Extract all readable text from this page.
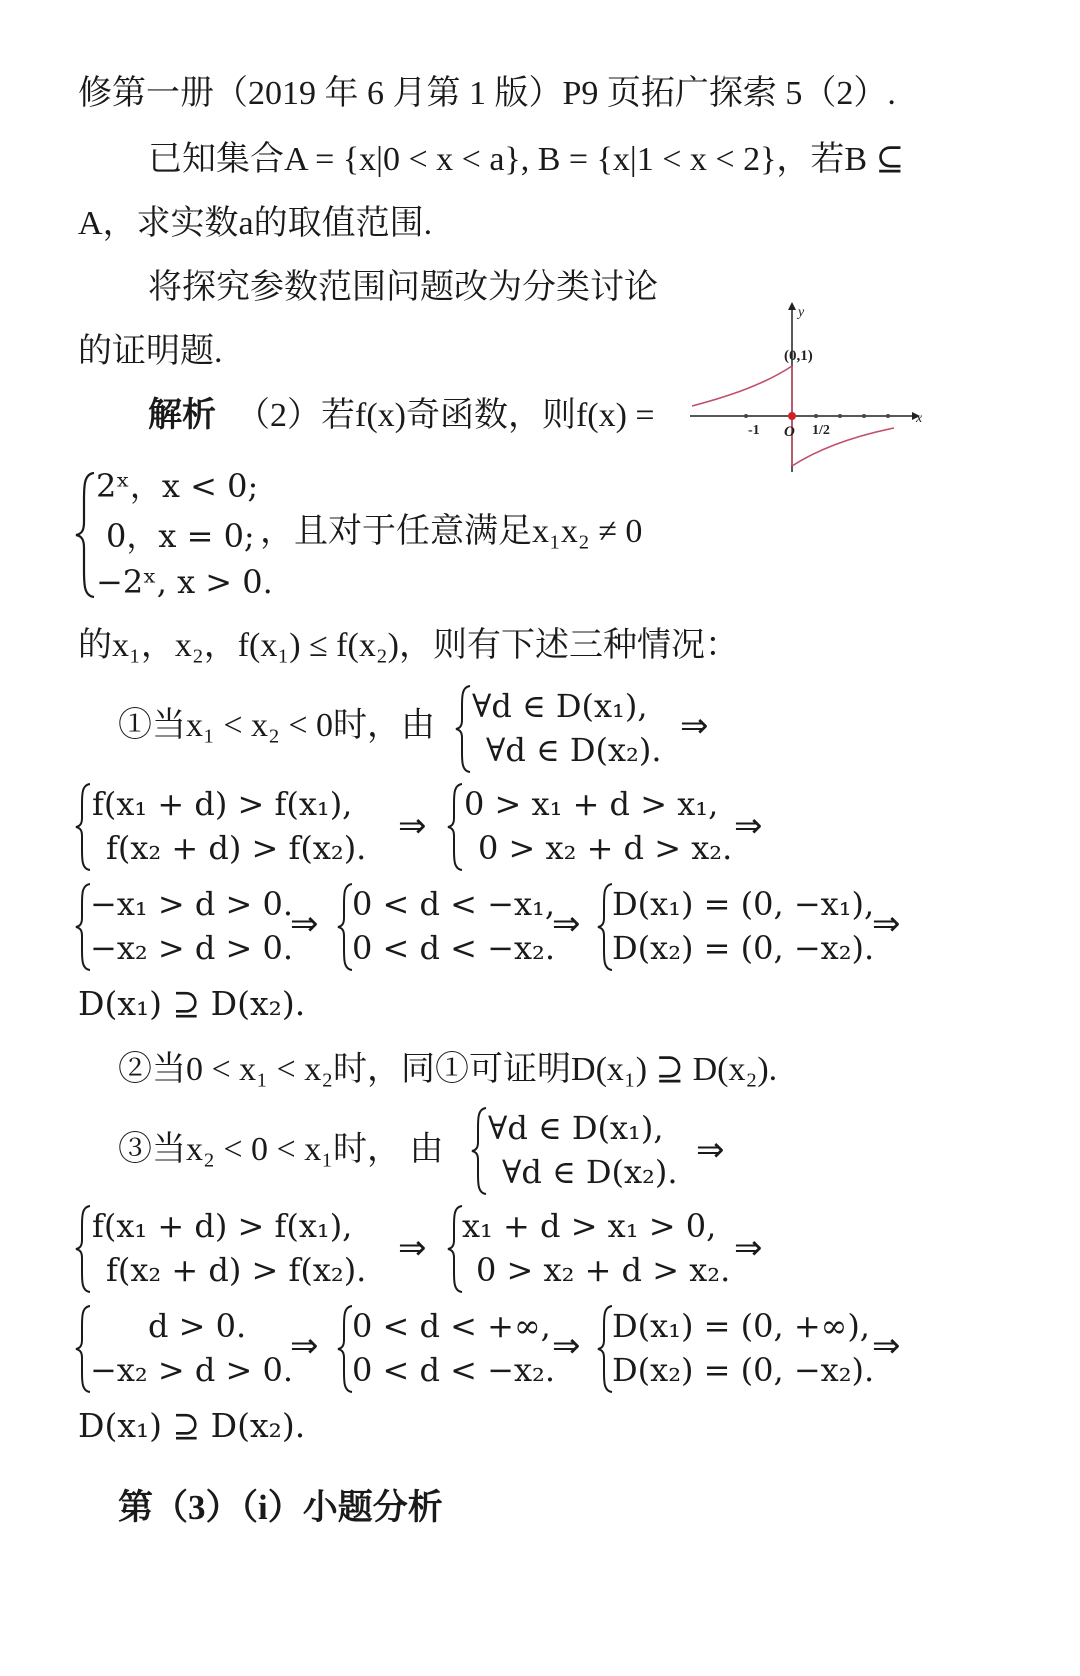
修第一册（2019 年 6 月第 1 版）P9 页拓广探索 5（2）.
已知集合A = {x|0 < x < a}, B = {x|1 < x < 2}，若B ⊆
A，求实数a的取值范围.
将探究参数范围问题改为分类讨论
的证明题.
y
x
(0,1)
-1 O 1/2
解析 （2）若f(x)奇函数，则f(x) =
2ˣ，x < 0;
0，x = 0;
−2ˣ, x > 0.
，且对于任意满足x₁x₂ ≠ 0
的x₁，x₂，f(x₁) ≤ f(x₂)，则有下述三种情况：
①当x₁ < x₂ < 0时，由
∀d ∈ D(x₁),
∀d ∈ D(x₂).
⇒
f(x₁ + d) > f(x₁),
f(x₂ + d) > f(x₂).
⇒
0 > x₁ + d > x₁,
0 > x₂ + d > x₂.
⇒
−x₁ > d > 0.
−x₂ > d > 0.
⇒ 0 < d < −x₁,
0 < d < −x₂.
⇒ D(x₁) = (0, −x₁),
D(x₂) = (0, −x₂).
⇒
D(x₁) ⊇ D(x₂).
②当0 < x₁ < x₂时，同①可证明D(x₁) ⊇ D(x₂).
③当x₂ < 0 < x₁时， 由
∀d ∈ D(x₁),
∀d ∈ D(x₂).
⇒
f(x₁ + d) > f(x₁),
f(x₂ + d) > f(x₂).
⇒
x₁ + d > x₁ > 0,
0 > x₂ + d > x₂.
⇒
d > 0.
−x₂ > d > 0.
⇒ 0 < d < +∞,
0 < d < −x₂.
⇒ D(x₁) = (0, +∞),
D(x₂) = (0, −x₂).
⇒
D(x₁) ⊇ D(x₂).
第（3）（i）小题分析
